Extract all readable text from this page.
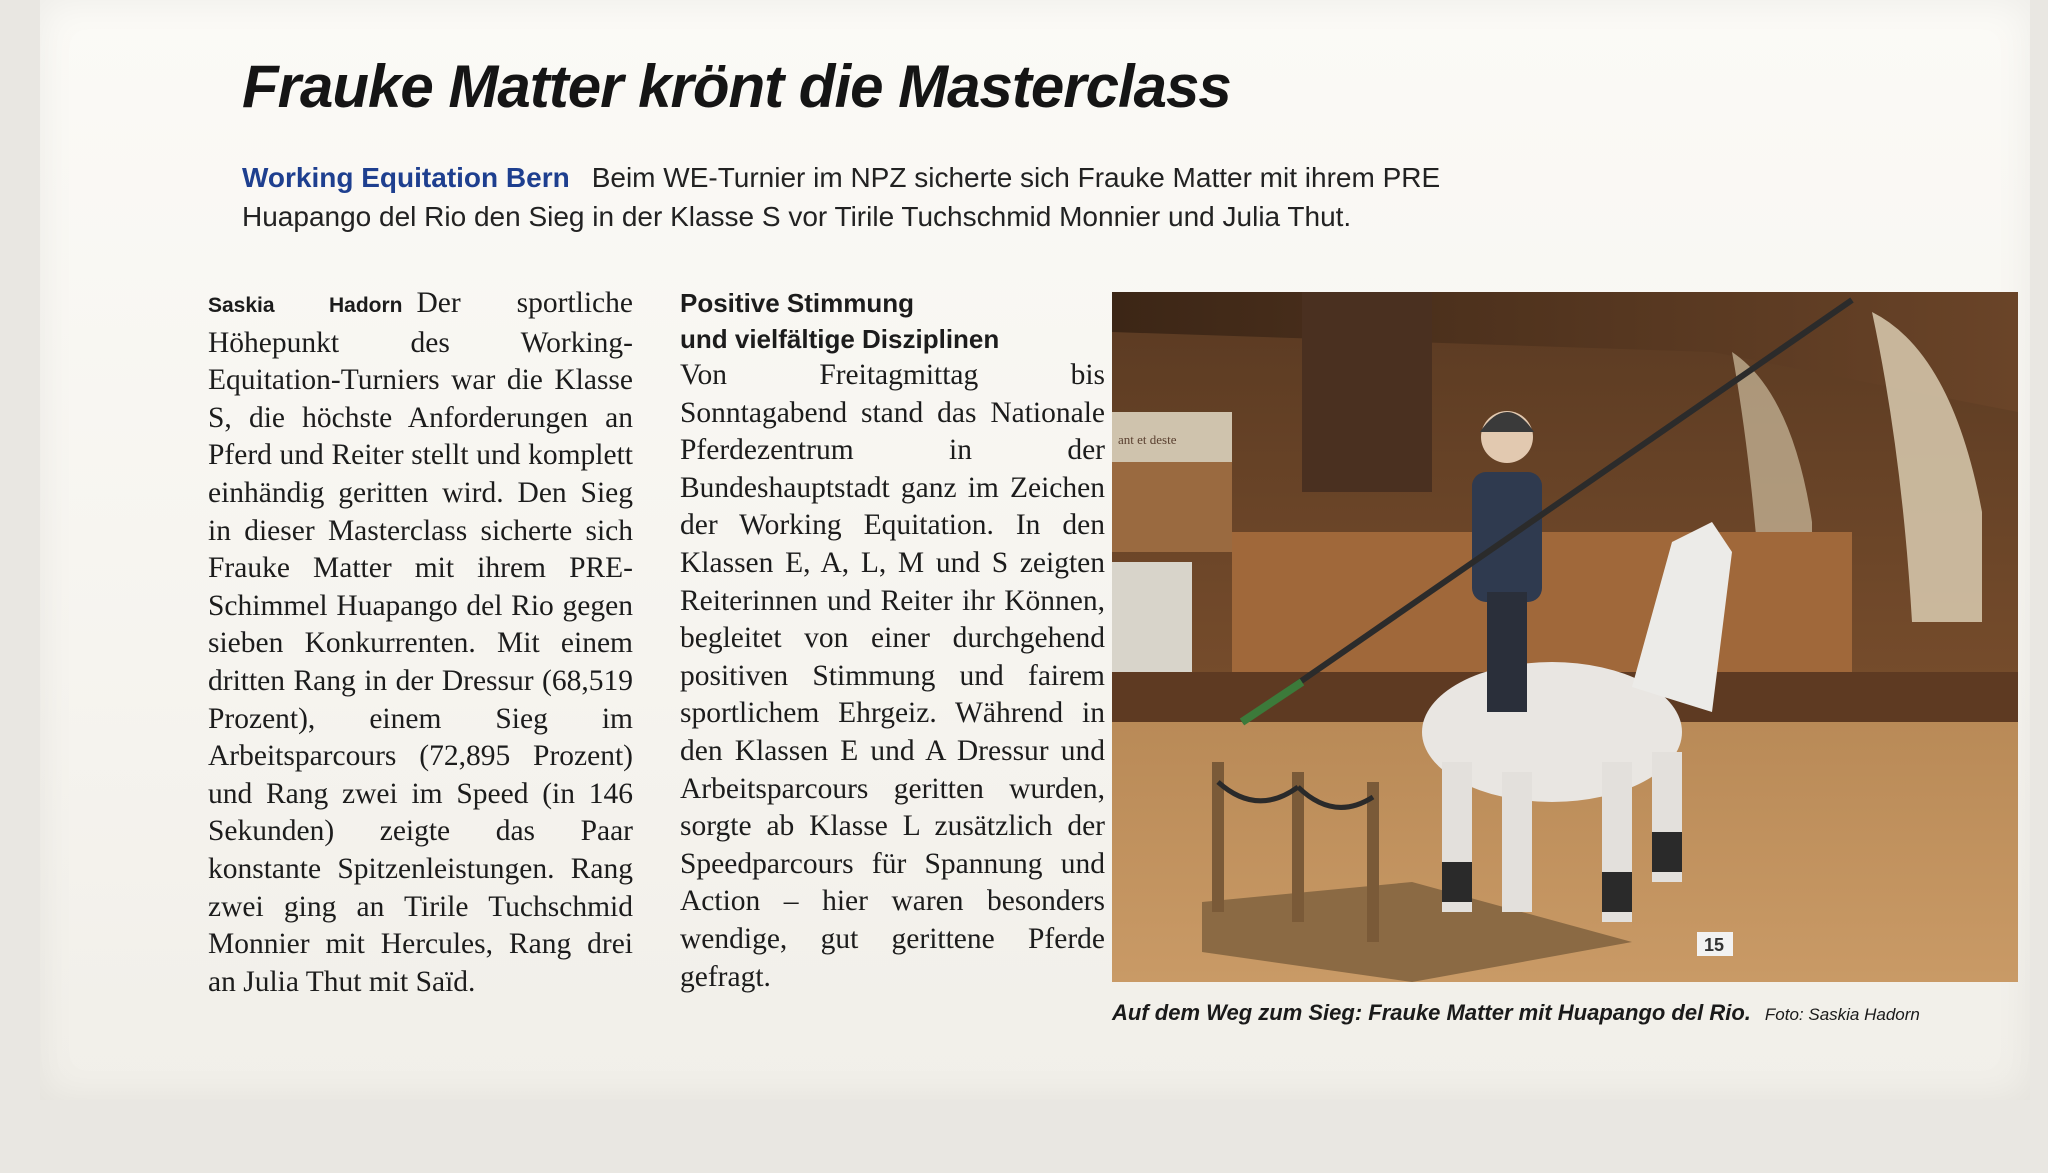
Frauke Matter krönt die Masterclass
Working Equitation Bern Beim WE-Turnier im NPZ sicherte sich Frauke Matter mit ihrem PRE Huapango del Rio den Sieg in der Klasse S vor Tirile Tuchschmid Monnier und Julia Thut.

Saskia Hadorn Der sportliche Höhepunkt des Working-Equitation-Turniers war die Klasse S, die höchste Anforderungen an Pferd und Reiter stellt und komplett einhändig geritten wird. Den Sieg in dieser Masterclass sicherte sich Frauke Matter mit ihrem PRE-Schimmel Huapango del Rio gegen sieben Konkurrenten. Mit einem dritten Rang in der Dressur (68,519 Prozent), einem Sieg im Arbeitsparcours (72,895 Prozent) und Rang zwei im Speed (in 146 Sekunden) zeigte das Paar konstante Spitzenleistungen. Rang zwei ging an Tirile Tuchschmid Monnier mit Hercules, Rang drei an Julia Thut mit Saïd.

Positive Stimmung
und vielfältige Disziplinen

Von Freitagmittag bis Sonntagabend stand das Nationale Pferdezentrum in der Bundeshauptstadt ganz im Zeichen der Working Equitation. In den Klassen E, A, L, M und S zeigten Reiterinnen und Reiter ihr Können, begleitet von einer durchgehend positiven Stimmung und fairem sportlichem Ehrgeiz. Während in den Klassen E und A Dressur und Arbeitsparcours geritten wurden, sorgte ab Klasse L zusätzlich der Speedparcours für Spannung und Action – hier waren besonders wendige, gut gerittene Pferde gefragt.

ant et deste
15
Auf dem Weg zum Sieg: Frauke Matter mit Huapango del Rio. Foto: Saskia Hadorn
